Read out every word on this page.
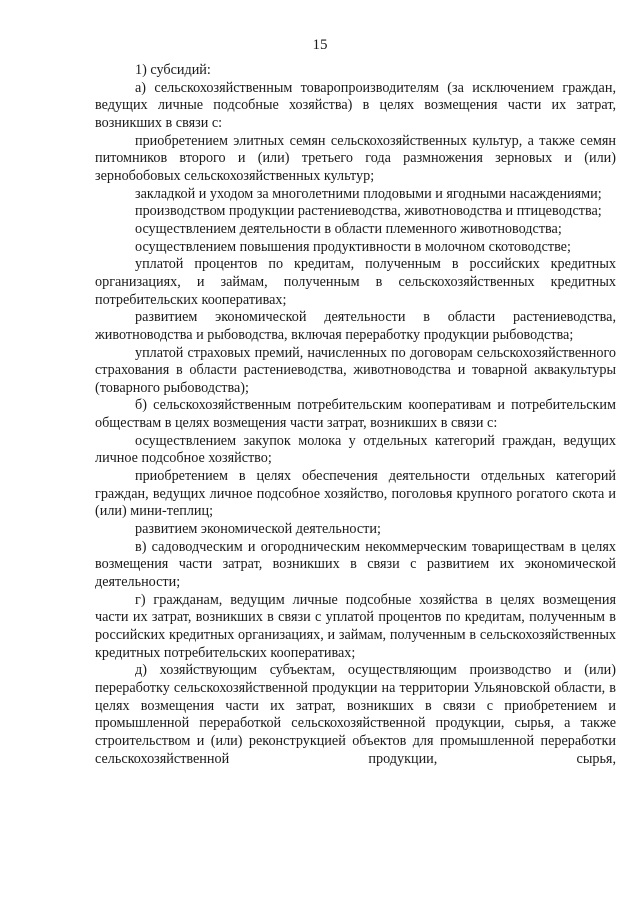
15

1) субсидий:

а) сельскохозяйственным товаропроизводителям (за исключением граждан, ведущих личные подсобные хозяйства) в целях возмещения части их затрат, возникших в связи с:

приобретением элитных семян сельскохозяйственных культур, а также семян питомников второго и (или) третьего года размножения зерновых и (или) зернобобовых сельскохозяйственных культур;

закладкой и уходом за многолетними плодовыми и ягодными насаждениями;

производством продукции растениеводства, животноводства и птицеводства;

осуществлением деятельности в области племенного животноводства;

осуществлением повышения продуктивности в молочном скотоводстве;

уплатой процентов по кредитам, полученным в российских кредитных организациях, и займам, полученным в сельскохозяйственных кредитных потребительских кооперативах;

развитием экономической деятельности в области растениеводства, животноводства и рыбоводства, включая переработку продукции рыбоводства;

уплатой страховых премий, начисленных по договорам сельскохозяйственного страхования в области растениеводства, животноводства и товарной аквакультуры (товарного рыбоводства);

б) сельскохозяйственным потребительским кооперативам и потребительским обществам в целях возмещения части затрат, возникших в связи с:

осуществлением закупок молока у отдельных категорий граждан, ведущих личное подсобное хозяйство;

приобретением в целях обеспечения деятельности отдельных категорий граждан, ведущих личное подсобное хозяйство, поголовья крупного рогатого скота и (или) мини-теплиц;

развитием экономической деятельности;

в) садоводческим и огородническим некоммерческим товариществам в целях возмещения части затрат, возникших в связи с развитием их экономической деятельности;

г) гражданам, ведущим личные подсобные хозяйства в целях возмещения части их затрат, возникших в связи с уплатой процентов по кредитам, полученным в российских кредитных организациях, и займам, полученным в сельскохозяйственных кредитных потребительских кооперативах;

д) хозяйствующим субъектам, осуществляющим производство и (или) переработку сельскохозяйственной продукции на территории Ульяновской области, в целях возмещения части их затрат, возникших в связи с приобретением и промышленной переработкой сельскохозяйственной продукции, сырья, а также строительством и (или) реконструкцией объектов для промышленной переработки сельскохозяйственной продукции, сырья,
